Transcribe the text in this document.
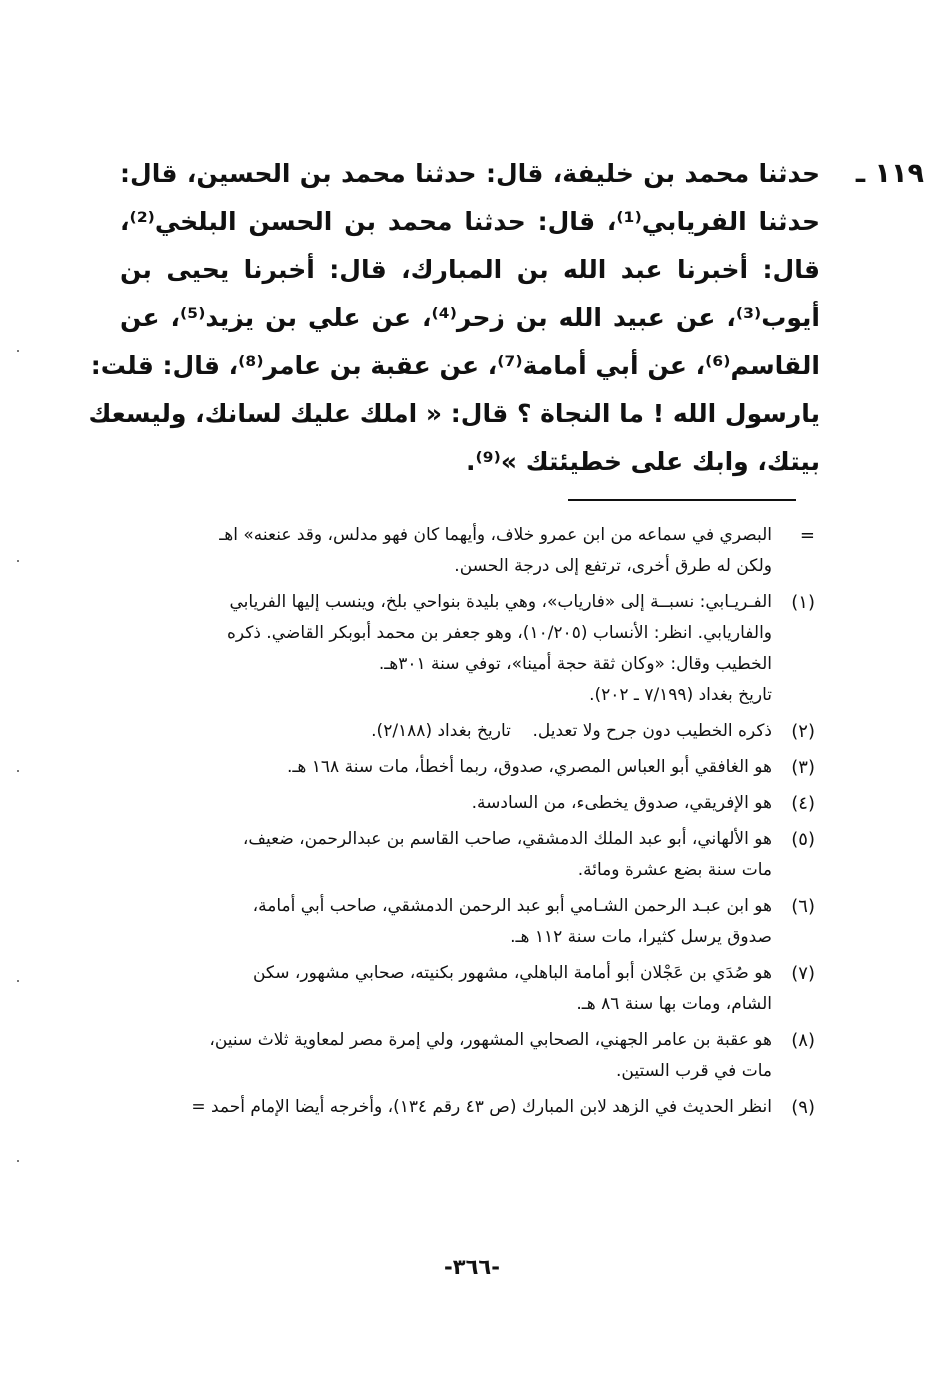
١١٩ ـ
حدثنا محمد بن خليفة، قال: حدثنا محمد بن الحسين، قال:
حدثنا الفريابي⁽¹⁾، قال: حدثنا محمد بن الحسن البلخي⁽²⁾،
قال: أخبرنا عبد الله بن المبارك، قال: أخبرنا يحيى بن
أيوب⁽³⁾، عن عبيد الله بن زحر⁽⁴⁾، عن علي بن يزيد⁽⁵⁾، عن
القاسم⁽⁶⁾، عن أبي أمامة⁽⁷⁾، عن عقبة بن عامر⁽⁸⁾، قال: قلت:
يارسول الله ! ما النجاة ؟ قال: « املك عليك لسانك، وليسعك
بيتك، وابك على خطيئتك »⁽⁹⁾.
=
البصري في سماعه من ابن عمرو خلاف، وأيهما كان فهو مدلس، وقد عنعنه» اهـ
ولكن له طرق أخرى، ترتفع إلى درجة الحسن.
(١)
الفـريـابي: نسبــة إلى «فارياب»، وهي بليدة بنواحي بلخ، وينسب إليها الفريابي
والفاريابي. انظر: الأنساب (١٠/٢٠٥)، وهو جعفر بن محمد أبوبكر القاضي. ذكره
الخطيب وقال: «وكان ثقة حجة أمينا»، توفي سنة ٣٠١هـ.
تاريخ بغداد (٧/١٩٩ ـ ٢٠٢).
(٢)
ذكره الخطيب دون جرح ولا تعديل.    تاريخ بغداد (٢/١٨٨).
(٣)
هو الغافقي أبو العباس المصري، صدوق، ربما أخطأ، مات سنة ١٦٨ هـ.
(٤)
هو الإفريقي، صدوق يخطىء، من السادسة.
(٥)
هو الألهاني، أبو عبد الملك الدمشقي، صاحب القاسم بن عبدالرحمن، ضعيف،
مات سنة بضع عشرة ومائة.
(٦)
هو ابن عبـد الرحمن الشـامي أبو عبد الرحمن الدمشقي، صاحب أبي أمامة،
صدوق يرسل كثيرا، مات سنة ١١٢ هـ.
(٧)
هو صُدَي بن عَجْلان أبو أمامة الباهلي، مشهور بكنيته، صحابي مشهور، سكن
الشام، ومات بها سنة ٨٦ هـ.
(٨)
هو عقبة بن عامر الجهني، الصحابي المشهور، ولي إمرة مصر لمعاوية ثلاث سنين،
مات في قرب الستين.
(٩)
انظر الحديث في الزهد لابن المبارك (ص ٤٣ رقم ١٣٤)، وأخرجه أيضا الإمام أحمد =
-٣٦٦-
